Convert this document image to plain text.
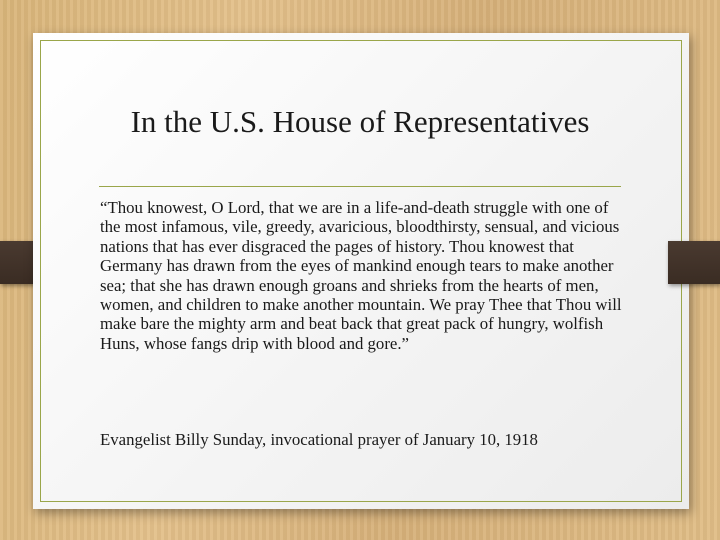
In the U.S. House of Representatives
“Thou knowest, O Lord, that we are in a life-and-death struggle with one of the most infamous, vile, greedy, avaricious, bloodthirsty, sensual, and vicious nations that has ever disgraced the pages of history. Thou knowest that Germany has drawn from the eyes of mankind enough tears to make another sea; that she has drawn enough groans and shrieks from the hearts of men, women, and children to make another mountain. We pray Thee that Thou will make bare the mighty arm and beat back that great pack of hungry, wolfish Huns, whose fangs drip with blood and gore.”
Evangelist Billy Sunday, invocational prayer of January 10, 1918
